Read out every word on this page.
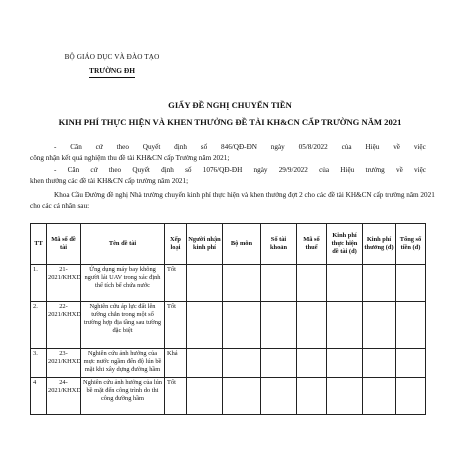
BỘ GIÁO DỤC VÀ ĐÀO TẠO
TRƯỜNG ĐH
GIẤY ĐỀ NGHỊ CHUYỂN TIỀN
KINH PHÍ THỰC HIỆN VÀ KHEN THƯỞNG ĐỀ TÀI KH&CN CẤP TRƯỜNG NĂM 2021
- Căn cứ theo Quyết định số 846/QĐ-ĐN ngày 05/8/2022 của Hiệu về việc
công nhận kết quả nghiệm thu đề tài KH&CN cấp Trường năm 2021;
- Căn cứ theo Quyết định số 1076/QĐ-ĐH ngày 29/9/2022 của Hiệu trưởng về việc
khen thưởng các đề tài KH&CN cấp trường năm 2021;
Khoa Cầu Đường đề nghị Nhà trường chuyển kinh phí thực hiện và khen thưởng đợt 2 cho các đề tài KH&CN cấp trường năm 2021
cho các cá nhân sau:
TT	Mã số đề tài	Tên đề tài	Xếp loại	Người nhận kinh phí	Bộ môn	Số tài khoản	Mã số thuế	Kinh phí thực hiện đề tài (đ)	Kinh phí thưởng (đ)	Tổng số tiền (đ)
1.	21-2021/KHXD	Ứng dụng máy bay không người lái UAV trong xác định thể tích bể chứa nước	Tốt							
2.	22-2021/KHXD	Nghiên cứu áp lực đất lên tường chắn trong một số trường hợp địa tầng sau tường đặc biệt	Tốt							
3.	23-2021/KHXD	Nghiên cứu ảnh hưởng của mực nước ngầm đến độ lún bề mặt khi xây dựng đường hầm	Khá							
4	24-2021/KHXD	Nghiên cứu ảnh hưởng của lún bề mặt đến công trình do thi công đường hầm	Tốt							
